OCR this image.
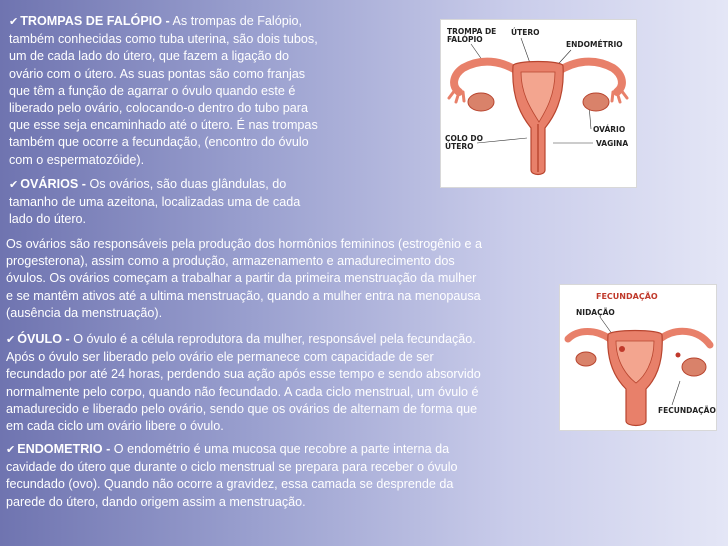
✔ TROMPAS DE FALÓPIO - As trompas de Falópio,
também conhecidas como tuba uterina, são dois tubos,
um de cada lado do útero, que fazem a ligação do
ovário com o útero. As suas pontas são como franjas
que têm a função de agarrar o óvulo quando este é
liberado pelo ovário, colocando-o dentro do tubo para
que esse seja encaminhado até o útero. É nas trompas
também que ocorre a fecundação, (encontro do óvulo
com o espermatozóide).
✔ OVÁRIOS - Os ovários, são duas glândulas, do
tamanho de uma azeitona, localizadas uma de cada
lado do útero.
Os ovários são responsáveis pela produção dos hormônios femininos (estrogênio e a
progesterona), assim como a produção, armazenamento e amadurecimento dos
óvulos. Os ovários começam a trabalhar a partir da primeira menstruação da mulher
e se mantêm ativos até a ultima menstruação, quando a mulher entra na menopausa
(ausência da menstruação).
✔ ÓVULO - O óvulo é a célula reprodutora da mulher, responsável pela fecundação.
Após o óvulo ser liberado pelo ovário ele permanece com capacidade de ser
fecundado por até 24 horas, perdendo sua ação após esse tempo e sendo absorvido
normalmente pelo corpo, quando não fecundado. A cada ciclo menstrual, um óvulo é
amadurecido e liberado pelo ovário, sendo que os ovários de alternam de forma que
em cada ciclo um ovário libere o óvulo.
✔ ENDOMETRIO - O endométrio é uma mucosa que recobre a parte interna da
cavidade do útero que durante o ciclo menstrual se prepara para receber o óvulo
fecundado (ovo). Quando não ocorre a gravidez, essa camada se desprende da
parede do útero, dando origem assim a menstruação.
TROMPA DE
FALÓPIO
ÚTERO
ENDOMÉTRIO
OVÁRIO
COLO DO
ÚTERO	VAGINA
FECUNDAÇÃO
NIDAÇÃO
FECUNDAÇÃO
